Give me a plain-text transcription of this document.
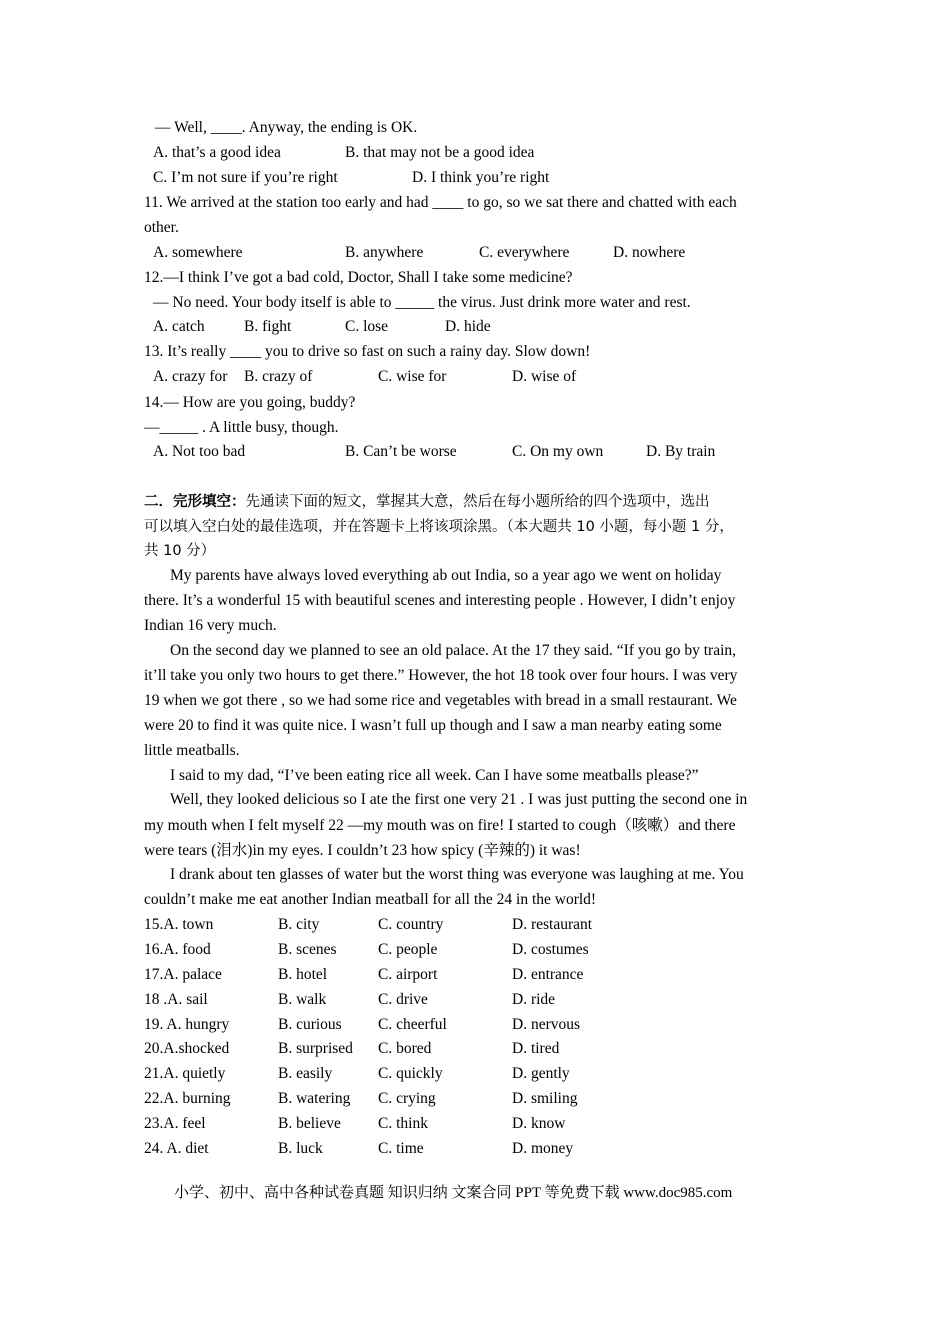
— Well, ____. Anyway, the ending is OK.
A. that’s a good idea	B. that may not be a good idea
C. I’m not sure if you’re right	D. I think you’re right
11. We arrived at the station too early and had ____ to go, so we sat there and chatted with each
other.
A. somewhere	B. anywhere	C. everywhere	D. nowhere
12.—I think I’ve got a bad cold, Doctor, Shall I take some medicine?
— No need. Your body itself is able to _____ the virus. Just drink more water and rest.
A. catch	B. fight	C. lose	D. hide
13. It’s really ____ you to drive so fast on such a rainy day. Slow down!
A. crazy for B. crazy of	C. wise for	D. wise of
14.— How are you going, buddy?
—_____ . A little busy, though.
A. Not too bad	B. Can’t be worse	C. On my own	D. By train
二．完形填空：先通读下面的短文，掌握其大意，然后在每小题所给的四个选项中，选出
可以填入空白处的最佳选项，并在答题卡上将该项涂黑。（本大题共 10 小题，每小题 1 分，
共 10 分）
My parents have always loved everything ab out India, so a year ago we went on holiday
there. It’s a wonderful 15 with beautiful scenes and interesting people . However, I didn’t enjoy
Indian 16 very much.
On the second day we planned to see an old palace. At the 17 they said. “If you go by train,
it’ll take you only two hours to get there.” However, the hot 18 took over four hours. I was very
19 when we got there , so we had some rice and vegetables with bread in a small restaurant. We
were 20 to find it was quite nice. I wasn’t full up though and I saw a man nearby eating some
little meatballs.
I said to my dad, “I’ve been eating rice all week. Can I have some meatballs please?”
Well, they looked delicious so I ate the first one very 21 . I was just putting the second one in
my mouth when I felt myself 22 —my mouth was on fire! I started to cough（咳嗽）and there
were tears (泪水)in my eyes. I couldn’t 23 how spicy (辛辣的) it was!
I drank about ten glasses of water but the worst thing was everyone was laughing at me. You
couldn’t make me eat another Indian meatball for all the 24 in the world!
15.A. town	B. city	C. country	D. restaurant
16.A. food	B. scenes	C. people	D. costumes
17.A. palace	B. hotel	C. airport	D. entrance
18 .A. sail	B. walk	C. drive	D. ride
19. A. hungry	B. curious C. cheerful	D. nervous
20.A.shocked	B. surprised C. bored	D. tired
21.A. quietly	B. easily	C. quickly	D. gently
22.A. burning	B. watering C. crying	D. smiling
23.A. feel	B. believe C. think	D. know
24. A. diet	B. luck	C. time	D. money
小学、初中、高中各种试卷真题 知识归纳 文案合同 PPT 等免费下载 www.doc985.com
